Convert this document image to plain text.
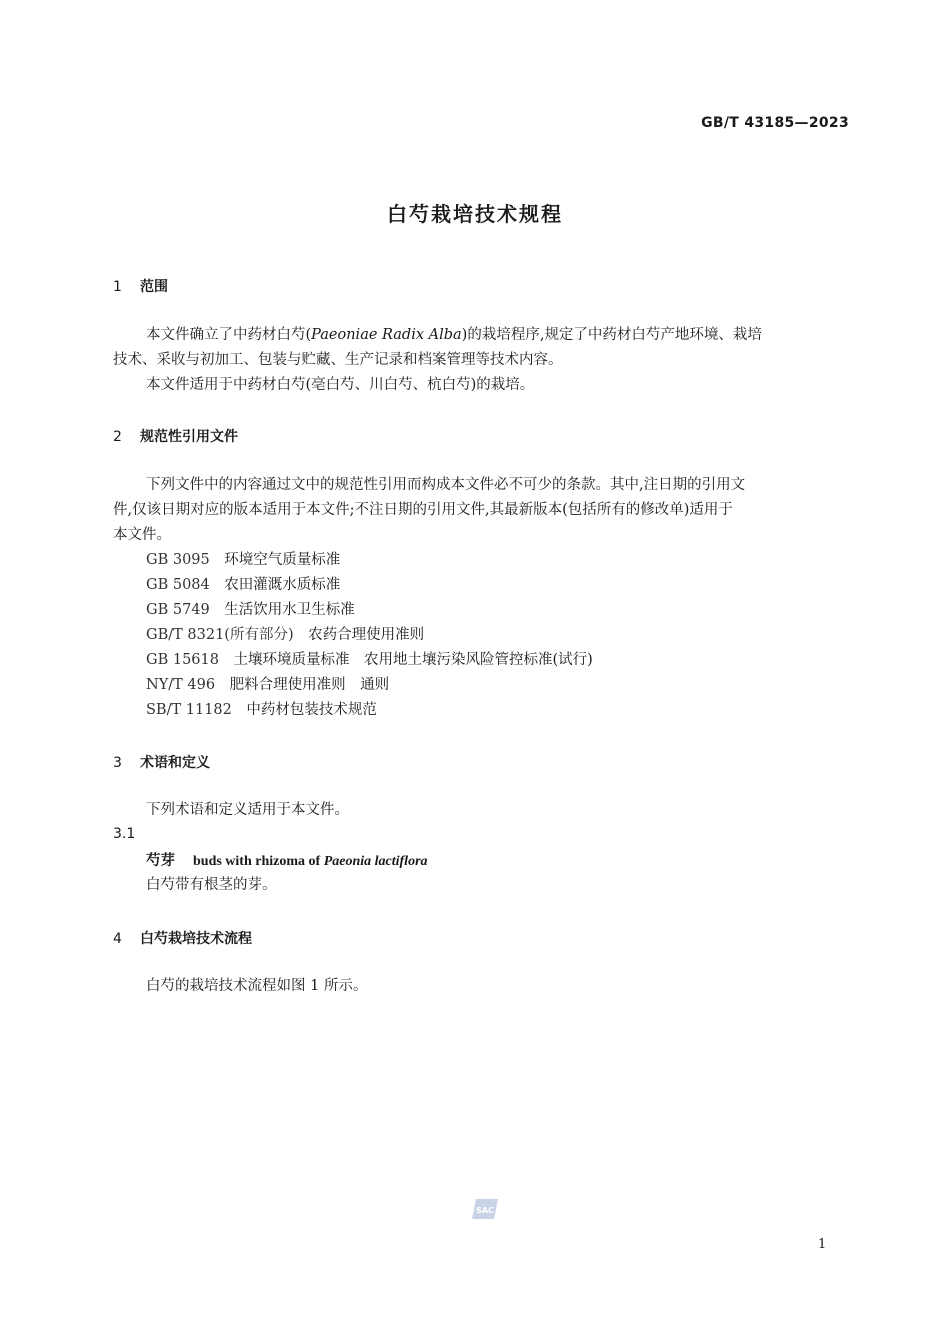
GB/T 43185—2023
白芍栽培技术规程
1 范围
本文件确立了中药材白芍(Paeoniae Radix Alba)的栽培程序,规定了中药材白芍产地环境、栽培
技术、采收与初加工、包装与贮藏、生产记录和档案管理等技术内容。
本文件适用于中药材白芍(亳白芍、川白芍、杭白芍)的栽培。
2 规范性引用文件
下列文件中的内容通过文中的规范性引用而构成本文件必不可少的条款。其中,注日期的引用文
件,仅该日期对应的版本适用于本文件;不注日期的引用文件,其最新版本(包括所有的修改单)适用于
本文件。
GB 3095  环境空气质量标准
GB 5084  农田灌溉水质标准
GB 5749  生活饮用水卫生标准
GB/T 8321(所有部分)  农药合理使用准则
GB 15618  土壤环境质量标准　农用地土壤污染风险管控标准(试行)
NY/T 496  肥料合理使用准则　通则
SB/T 11182  中药材包装技术规范
3 术语和定义
下列术语和定义适用于本文件。
3.1
芍芽 buds with rhizoma of Paeonia lactiflora
白芍带有根茎的芽。
4 白芍栽培技术流程
白芍的栽培技术流程如图 1 所示。
SAC
1
